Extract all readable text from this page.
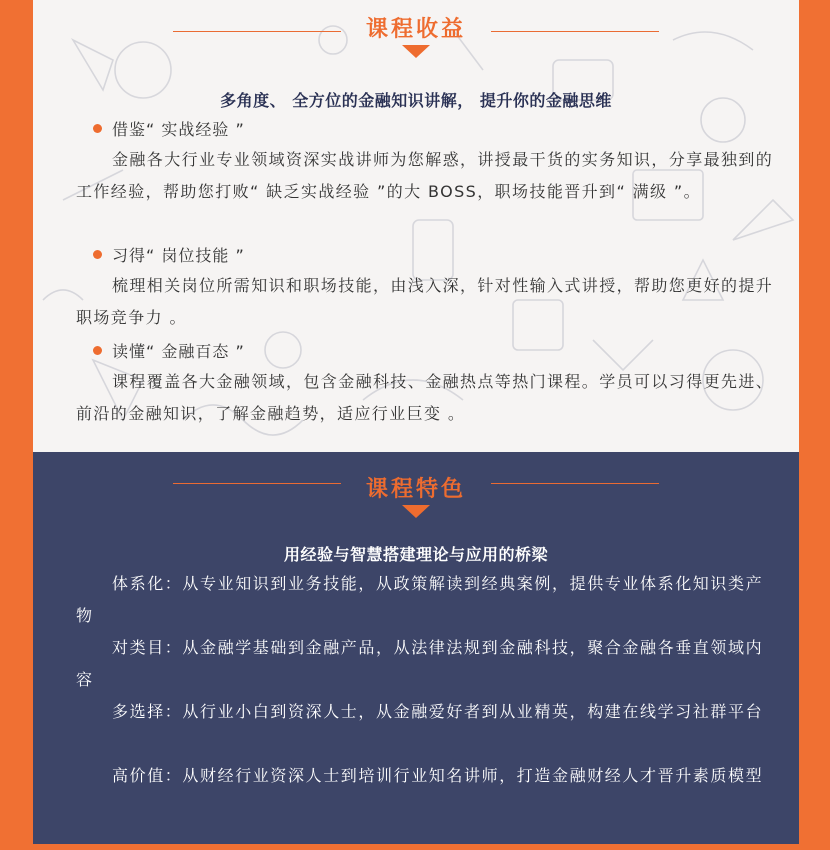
课程收益
多角度、 全方位的金融知识讲解， 提升你的金融思维
借鉴“ 实战经验 ”

金融各大行业专业领域资深实战讲师为您解惑，讲授最干货的实务知识，分享最独到的工作经验，帮助您打败“ 缺乏实战经验 ”的大 BOSS，职场技能晋升到“ 满级 ”。

习得“ 岗位技能 ”

梳理相关岗位所需知识和职场技能，由浅入深，针对性输入式讲授，帮助您更好的提升职场竞争力 。

读懂“ 金融百态 ”

课程覆盖各大金融领域，包含金融科技、金融热点等热门课程。学员可以习得更先进、前沿的金融知识，了解金融趋势，适应行业巨变 。

课程特色
用经验与智慧搭建理论与应用的桥梁

体系化：从专业知识到业务技能，从政策解读到经典案例，提供专业体系化知识类产物

对类目：从金融学基础到金融产品，从法律法规到金融科技，聚合金融各垂直领域内容

多选择：从行业小白到资深人士，从金融爱好者到从业精英，构建在线学习社群平台

高价值：从财经行业资深人士到培训行业知名讲师，打造金融财经人才晋升素质模型
